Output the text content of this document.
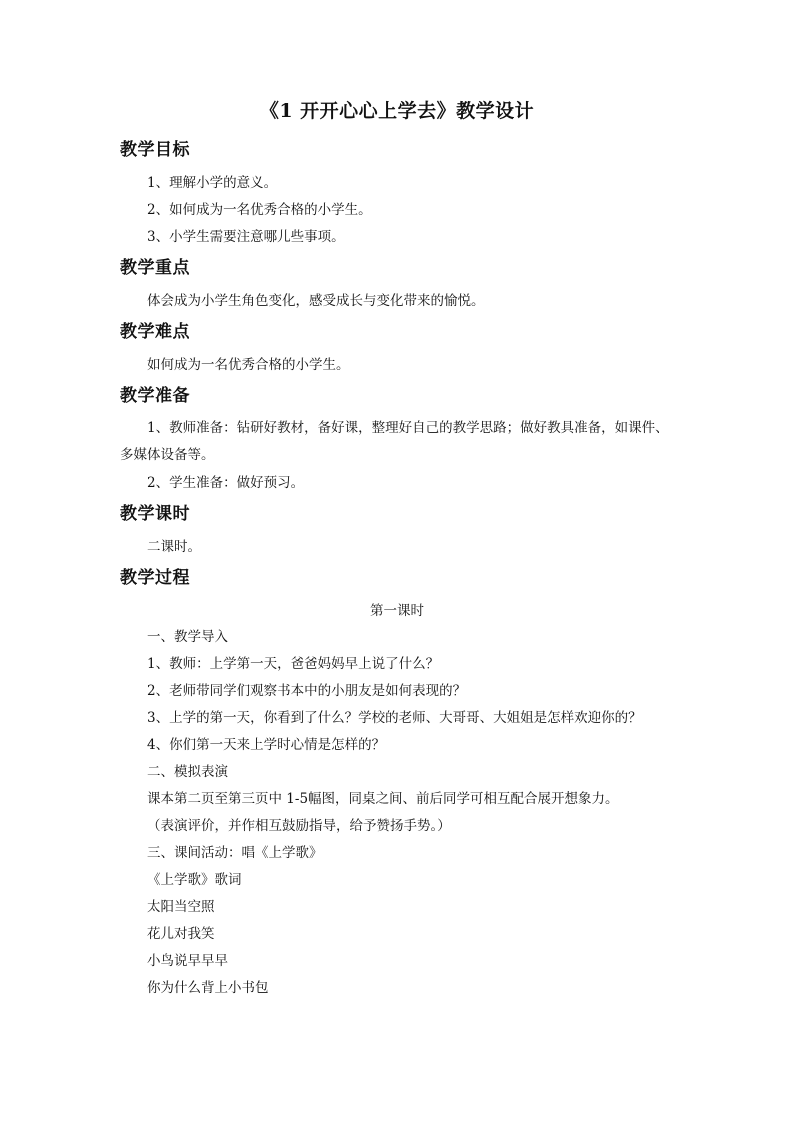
《1 开开心心上学去》教学设计
教学目标
1、理解小学的意义。
2、如何成为一名优秀合格的小学生。
3、小学生需要注意哪儿些事项。
教学重点
体会成为小学生角色变化，感受成长与变化带来的愉悦。
教学难点
如何成为一名优秀合格的小学生。
教学准备
1、教师准备：钻研好教材，备好课，整理好自己的教学思路；做好教具准备，如课件、多媒体设备等。
2、学生准备：做好预习。
教学课时
二课时。
教学过程
第一课时
一、教学导入
1、教师：上学第一天，爸爸妈妈早上说了什么？
2、老师带同学们观察书本中的小朋友是如何表现的？
3、上学的第一天，你看到了什么？学校的老师、大哥哥、大姐姐是怎样欢迎你的？
4、你们第一天来上学时心情是怎样的？
二、模拟表演
课本第二页至第三页中 1-5幅图，同桌之间、前后同学可相互配合展开想象力。
（表演评价，并作相互鼓励指导，给予赞扬手势。）
三、课间活动：唱《上学歌》
《上学歌》歌词
太阳当空照
花儿对我笑
小鸟说早早早
你为什么背上小书包
